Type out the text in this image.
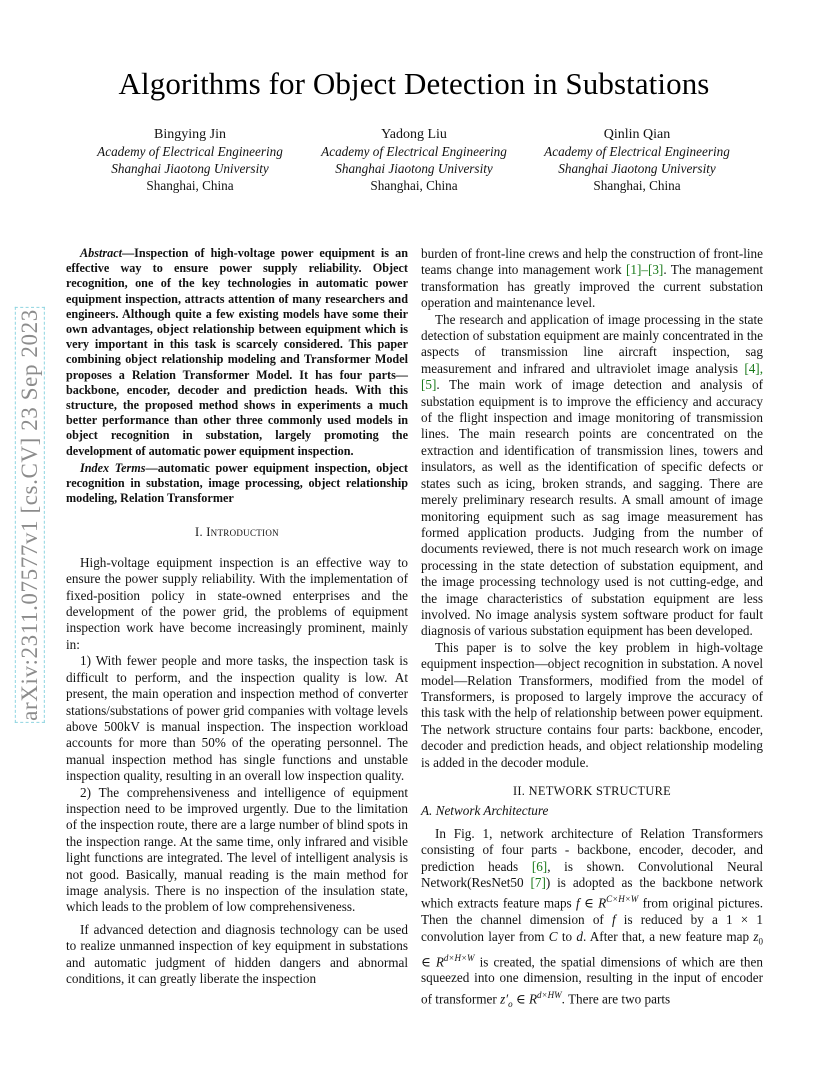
arXiv:2311.07577v1 [cs.CV] 23 Sep 2023
Algorithms for Object Detection in Substations
Bingying Jin
Academy of Electrical Engineering
Shanghai Jiaotong University
Shanghai, China
Yadong Liu
Academy of Electrical Engineering
Shanghai Jiaotong University
Shanghai, China
Qinlin Qian
Academy of Electrical Engineering
Shanghai Jiaotong University
Shanghai, China

Abstract—Inspection of high-voltage power equipment is an effective way to ensure power supply reliability. Object recognition, one of the key technologies in automatic power equipment inspection, attracts attention of many researchers and engineers. Although quite a few existing models have some their own advantages, object relationship between equipment which is very important in this task is scarcely considered. This paper combining object relationship modeling and Transformer Model proposes a Relation Transformer Model. It has four parts—backbone, encoder, decoder and prediction heads. With this structure, the proposed method shows in experiments a much better performance than other three commonly used models in object recognition in substation, largely promoting the development of automatic power equipment inspection.

Index Terms—automatic power equipment inspection, object recognition in substation, image processing, object relationship modeling, Relation Transformer

I. Introduction

High-voltage equipment inspection is an effective way to ensure the power supply reliability. With the implementation of fixed-position policy in state-owned enterprises and the development of the power grid, the problems of equipment inspection work have become increasingly prominent, mainly in:

1) With fewer people and more tasks, the inspection task is difficult to perform, and the inspection quality is low. At present, the main operation and inspection method of converter stations/substations of power grid companies with voltage levels above 500kV is manual inspection. The inspection workload accounts for more than 50% of the operating personnel. The manual inspection method has single functions and unstable inspection quality, resulting in an overall low inspection quality.

2) The comprehensiveness and intelligence of equipment inspection need to be improved urgently. Due to the limitation of the inspection route, there are a large number of blind spots in the inspection range. At the same time, only infrared and visible light functions are integrated. The level of intelligent analysis is not good. Basically, manual reading is the main method for image analysis. There is no inspection of the insulation state, which leads to the problem of low comprehensiveness.

If advanced detection and diagnosis technology can be used to realize unmanned inspection of key equipment in substations and automatic judgment of hidden dangers and abnormal conditions, it can greatly liberate the inspection

burden of front-line crews and help the construction of front-line teams change into management work [1]–[3]. The management transformation has greatly improved the current substation operation and maintenance level.

The research and application of image processing in the state detection of substation equipment are mainly concentrated in the aspects of transmission line aircraft inspection, sag measurement and infrared and ultraviolet image analysis [4], [5]. The main work of image detection and analysis of substation equipment is to improve the efficiency and accuracy of the flight inspection and image monitoring of transmission lines. The main research points are concentrated on the extraction and identification of transmission lines, towers and insulators, as well as the identification of specific defects or states such as icing, broken strands, and sagging. There are merely preliminary research results. A small amount of image monitoring equipment such as sag image measurement has formed application products. Judging from the number of documents reviewed, there is not much research work on image processing in the state detection of substation equipment, and the image processing technology used is not cutting-edge, and the image characteristics of substation equipment are less involved. No image analysis system software product for fault diagnosis of various substation equipment has been developed.

This paper is to solve the key problem in high-voltage equipment inspection—object recognition in substation. A novel model—Relation Transformers, modified from the model of Transformers, is proposed to largely improve the accuracy of this task with the help of relationship between power equipment. The network structure contains four parts: backbone, encoder, decoder and prediction heads, and object relationship modeling is added in the decoder module.

II. NETWORK STRUCTURE
A. Network Architecture

In Fig. 1, network architecture of Relation Transformers consisting of four parts - backbone, encoder, decoder, and prediction heads [6], is shown. Convolutional Neural Network(ResNet50 [7]) is adopted as the backbone network which extracts feature maps f ∈ $R^{C\times H\times W}$ from original pictures. Then the channel dimension of f is reduced by a 1 × 1 convolution layer from C to d. After that, a new feature map $z_0$ ∈ $R^{d\times H\times W}$ is created, the spatial dimensions of which are then squeezed into one dimension, resulting in the input of encoder of transformer $z'_o$ ∈ $R^{d\times HW}$. There are two parts
